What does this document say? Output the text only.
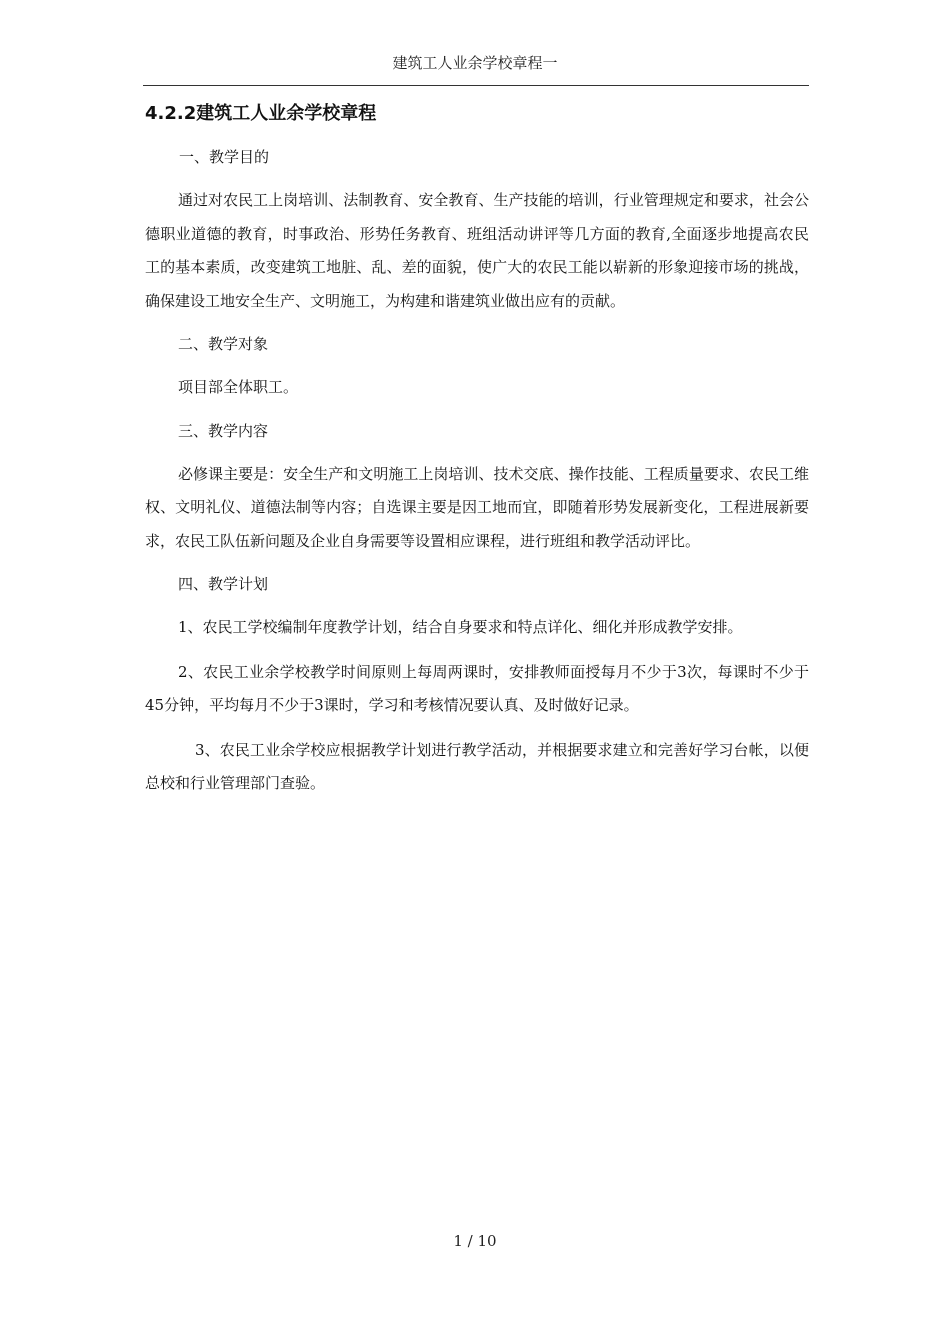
建筑工人业余学校章程一
4.2.2建筑工人业余学校章程

一、教学目的

通过对农民工上岗培训、法制教育、安全教育、生产技能的培训，行业管理规定和要求，社会公德职业道德的教育，时事政治、形势任务教育、班组活动讲评等几方面的教育,全面逐步地提高农民工的基本素质，改变建筑工地脏、乱、差的面貌，使广大的农民工能以崭新的形象迎接市场的挑战，确保建设工地安全生产、文明施工，为构建和谐建筑业做出应有的贡献。

二、教学对象

项目部全体职工。

三、教学内容

必修课主要是：安全生产和文明施工上岗培训、技术交底、操作技能、工程质量要求、农民工维权、文明礼仪、道德法制等内容；自选课主要是因工地而宜，即随着形势发展新变化，工程进展新要求，农民工队伍新问题及企业自身需要等设置相应课程，进行班组和教学活动评比。

四、教学计划

1、农民工学校编制年度教学计划，结合自身要求和特点详化、细化并形成教学安排。

2、农民工业余学校教学时间原则上每周两课时，安排教师面授每月不少于3次，每课时不少于45分钟，平均每月不少于3课时，学习和考核情况要认真、及时做好记录。

3、农民工业余学校应根据教学计划进行教学活动，并根据要求建立和完善好学习台帐，以便总校和行业管理部门查验。

1 / 10
